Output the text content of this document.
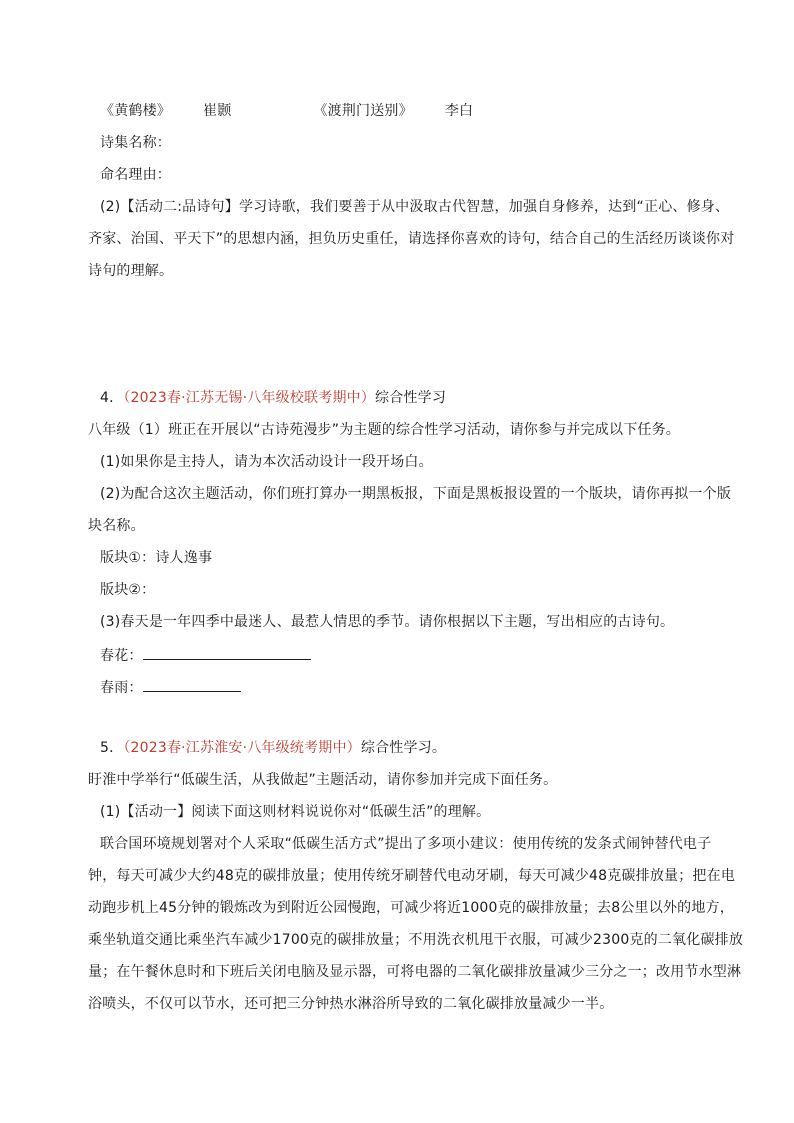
《黄鹤楼》 崔颢	《渡荆门送别》 李白
诗集名称：
命名理由：
(2)【活动二:品诗句】学习诗歌，我们要善于从中汲取古代智慧，加强自身修养，达到“正心、修身、
齐家、治国、平天下”的思想内涵，担负历史重任，请选择你喜欢的诗句，结合自己的生活经历谈谈你对
诗句的理解。
4．（2023春·江苏无锡·八年级校联考期中）综合性学习
八年级（1）班正在开展以“古诗苑漫步”为主题的综合性学习活动，请你参与并完成以下任务。
(1)如果你是主持人，请为本次活动设计一段开场白。
(2)为配合这次主题活动，你们班打算办一期黑板报，下面是黑板报设置的一个版块，请你再拟一个版
块名称。
版块①：诗人逸事
版块②：
(3)春天是一年四季中最迷人、最惹人情思的季节。请你根据以下主题，写出相应的古诗句。
春花：
春雨：
5．（2023春·江苏淮安·八年级统考期中）综合性学习。
盱淮中学举行“低碳生活，从我做起”主题活动，请你参加并完成下面任务。
(1)【活动一】阅读下面这则材料说说你对“低碳生活”的理解。
联合国环境规划署对个人采取“低碳生活方式”提出了多项小建议：使用传统的发条式闹钟替代电子
钟，每天可减少大约48克的碳排放量；使用传统牙刷替代电动牙刷，每天可减少48克碳排放量；把在电
动跑步机上45分钟的锻炼改为到附近公园慢跑，可减少将近1000克的碳排放量；去8公里以外的地方，
乘坐轨道交通比乘坐汽车减少1700克的碳排放量；不用洗衣机甩干衣服，可减少2300克的二氧化碳排放
量；在午餐休息时和下班后关闭电脑及显示器，可将电器的二氧化碳排放量减少三分之一；改用节水型淋
浴喷头，不仅可以节水，还可把三分钟热水淋浴所导致的二氧化碳排放量减少一半。
